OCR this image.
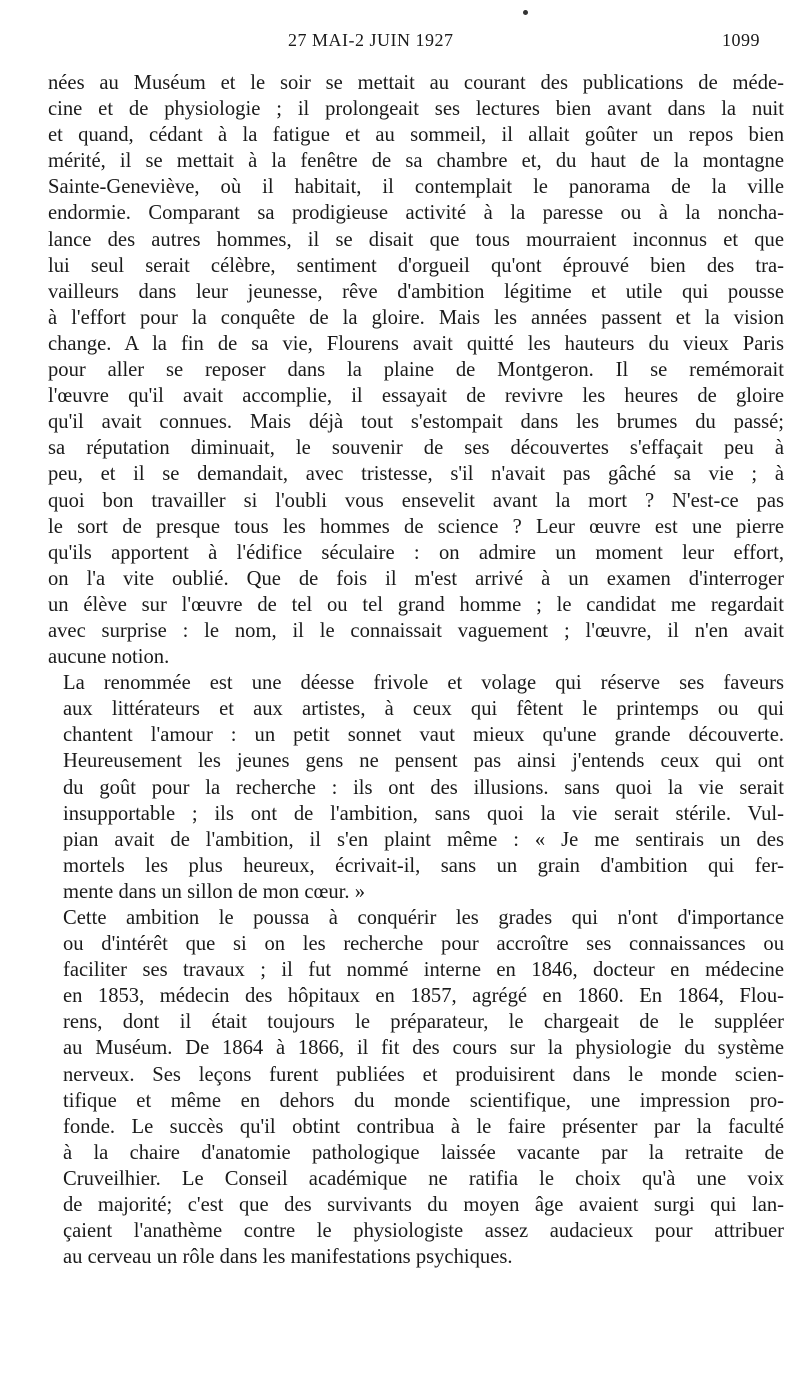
27 MAI-2 JUIN 1927	1099

nées au Muséum et le soir se mettait au courant des publications de méde-
cine et de physiologie ; il prolongeait ses lectures bien avant dans la nuit
et quand, cédant à la fatigue et au sommeil, il allait goûter un repos bien
mérité, il se mettait à la fenêtre de sa chambre et, du haut de la montagne
Sainte-Geneviève, où il habitait, il contemplait le panorama de la ville
endormie. Comparant sa prodigieuse activité à la paresse ou à la noncha-
lance des autres hommes, il se disait que tous mourraient inconnus et que
lui seul serait célèbre, sentiment d'orgueil qu'ont éprouvé bien des tra-
vailleurs dans leur jeunesse, rêve d'ambition légitime et utile qui pousse
à l'effort pour la conquête de la gloire. Mais les années passent et la vision
change. A la fin de sa vie, Flourens avait quitté les hauteurs du vieux Paris
pour aller se reposer dans la plaine de Montgeron. Il se remémorait
l'œuvre qu'il avait accomplie, il essayait de revivre les heures de gloire
qu'il avait connues. Mais déjà tout s'estompait dans les brumes du passé;
sa réputation diminuait, le souvenir de ses découvertes s'effaçait peu à
peu, et il se demandait, avec tristesse, s'il n'avait pas gâché sa vie ; à
quoi bon travailler si l'oubli vous ensevelit avant la mort ? N'est-ce pas
le sort de presque tous les hommes de science ? Leur œuvre est une pierre
qu'ils apportent à l'édifice séculaire : on admire un moment leur effort,
on l'a vite oublié. Que de fois il m'est arrivé à un examen d'interroger
un élève sur l'œuvre de tel ou tel grand homme ; le candidat me regardait
avec surprise : le nom, il le connaissait vaguement ; l'œuvre, il n'en avait
aucune notion.

La renommée est une déesse frivole et volage qui réserve ses faveurs
aux littérateurs et aux artistes, à ceux qui fêtent le printemps ou qui
chantent l'amour : un petit sonnet vaut mieux qu'une grande découverte.
Heureusement les jeunes gens ne pensent pas ainsi j'entends ceux qui ont
du goût pour la recherche : ils ont des illusions. sans quoi la vie serait
insupportable ; ils ont de l'ambition, sans quoi la vie serait stérile. Vul-
pian avait de l'ambition, il s'en plaint même : « Je me sentirais un des
mortels les plus heureux, écrivait-il, sans un grain d'ambition qui fer-
mente dans un sillon de mon cœur. »

Cette ambition le poussa à conquérir les grades qui n'ont d'importance
ou d'intérêt que si on les recherche pour accroître ses connaissances ou
faciliter ses travaux ; il fut nommé interne en 1846, docteur en médecine
en 1853, médecin des hôpitaux en 1857, agrégé en 1860. En 1864, Flou-
rens, dont il était toujours le préparateur, le chargeait de le suppléer
au Muséum. De 1864 à 1866, il fit des cours sur la physiologie du système
nerveux. Ses leçons furent publiées et produisirent dans le monde scien-
tifique et même en dehors du monde scientifique, une impression pro-
fonde. Le succès qu'il obtint contribua à le faire présenter par la faculté
à la chaire d'anatomie pathologique laissée vacante par la retraite de
Cruveilhier. Le Conseil académique ne ratifia le choix qu'à une voix
de majorité; c'est que des survivants du moyen âge avaient surgi qui lan-
çaient l'anathème contre le physiologiste assez audacieux pour attribuer
au cerveau un rôle dans les manifestations psychiques.
